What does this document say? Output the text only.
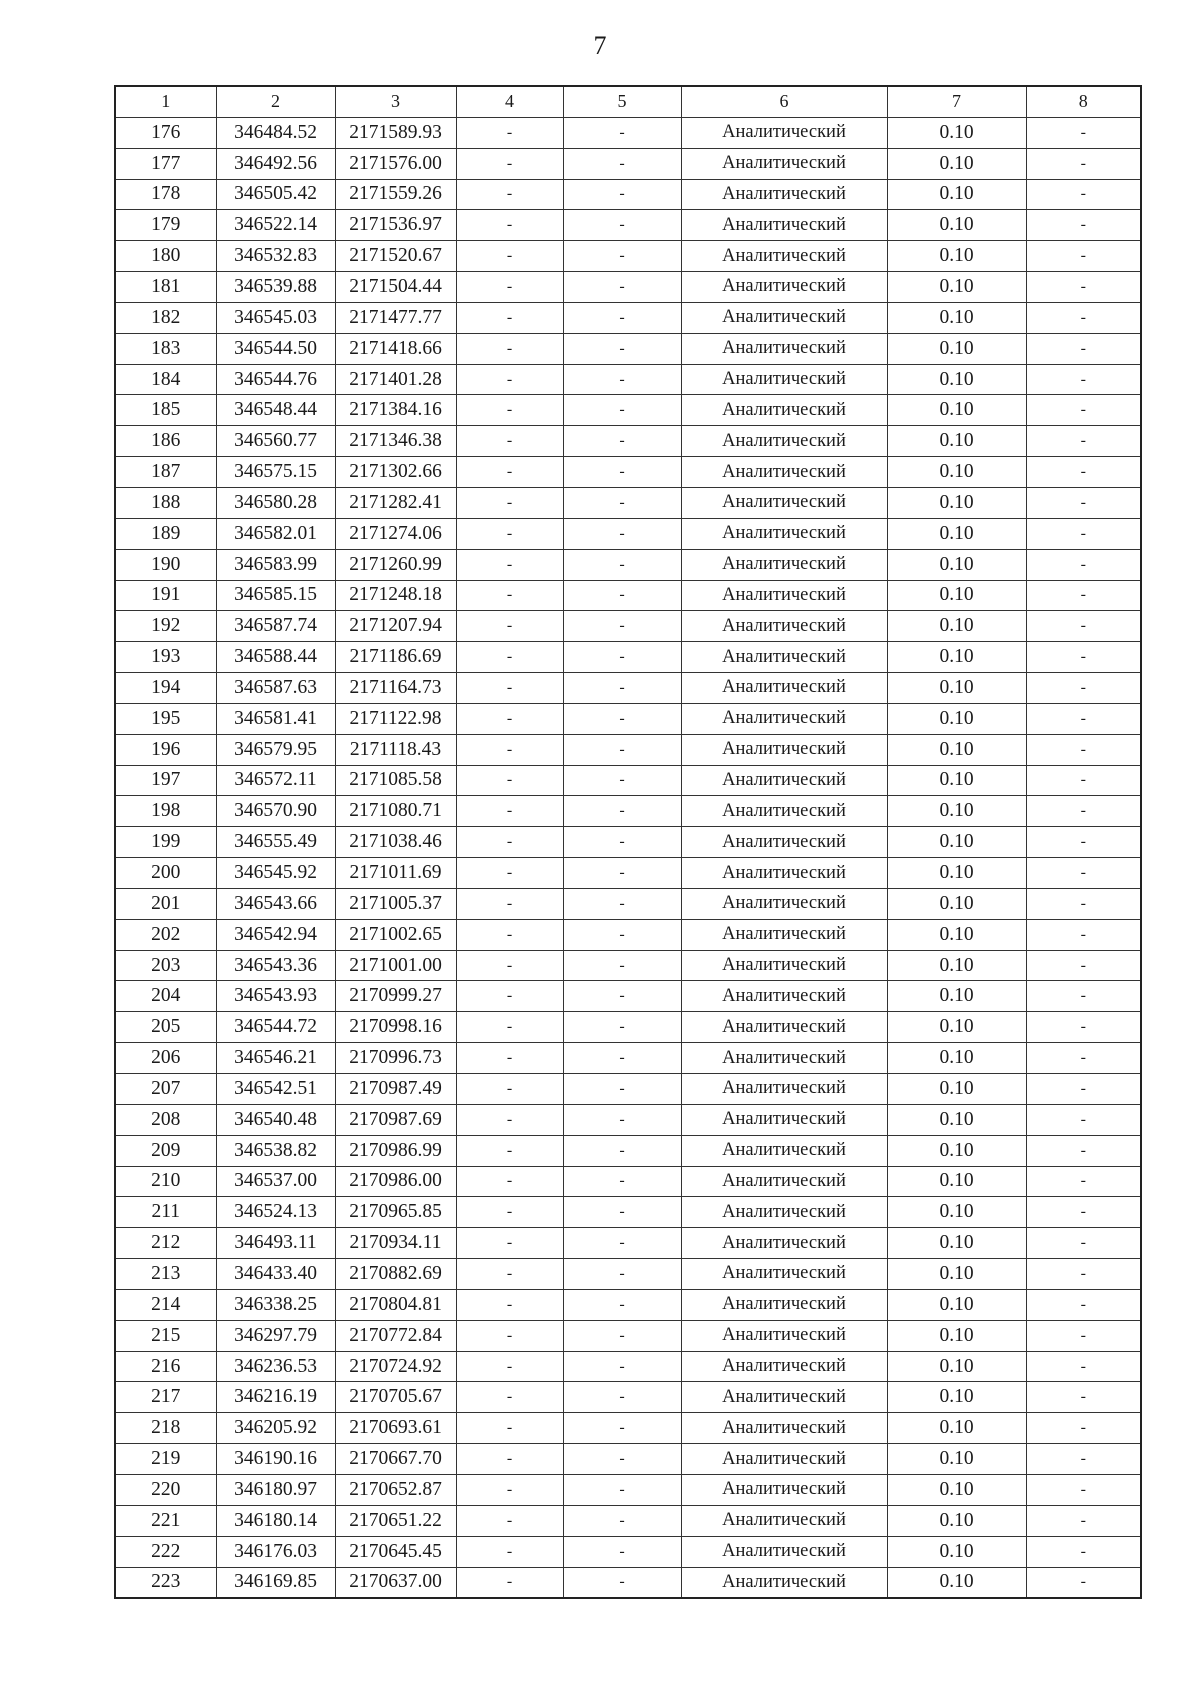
7
1	2	3	4	5	6	7	8
176	346484.52	2171589.93	-	-	Аналитический	0.10	-
177	346492.56	2171576.00	-	-	Аналитический	0.10	-
178	346505.42	2171559.26	-	-	Аналитический	0.10	-
179	346522.14	2171536.97	-	-	Аналитический	0.10	-
180	346532.83	2171520.67	-	-	Аналитический	0.10	-
181	346539.88	2171504.44	-	-	Аналитический	0.10	-
182	346545.03	2171477.77	-	-	Аналитический	0.10	-
183	346544.50	2171418.66	-	-	Аналитический	0.10	-
184	346544.76	2171401.28	-	-	Аналитический	0.10	-
185	346548.44	2171384.16	-	-	Аналитический	0.10	-
186	346560.77	2171346.38	-	-	Аналитический	0.10	-
187	346575.15	2171302.66	-	-	Аналитический	0.10	-
188	346580.28	2171282.41	-	-	Аналитический	0.10	-
189	346582.01	2171274.06	-	-	Аналитический	0.10	-
190	346583.99	2171260.99	-	-	Аналитический	0.10	-
191	346585.15	2171248.18	-	-	Аналитический	0.10	-
192	346587.74	2171207.94	-	-	Аналитический	0.10	-
193	346588.44	2171186.69	-	-	Аналитический	0.10	-
194	346587.63	2171164.73	-	-	Аналитический	0.10	-
195	346581.41	2171122.98	-	-	Аналитический	0.10	-
196	346579.95	2171118.43	-	-	Аналитический	0.10	-
197	346572.11	2171085.58	-	-	Аналитический	0.10	-
198	346570.90	2171080.71	-	-	Аналитический	0.10	-
199	346555.49	2171038.46	-	-	Аналитический	0.10	-
200	346545.92	2171011.69	-	-	Аналитический	0.10	-
201	346543.66	2171005.37	-	-	Аналитический	0.10	-
202	346542.94	2171002.65	-	-	Аналитический	0.10	-
203	346543.36	2171001.00	-	-	Аналитический	0.10	-
204	346543.93	2170999.27	-	-	Аналитический	0.10	-
205	346544.72	2170998.16	-	-	Аналитический	0.10	-
206	346546.21	2170996.73	-	-	Аналитический	0.10	-
207	346542.51	2170987.49	-	-	Аналитический	0.10	-
208	346540.48	2170987.69	-	-	Аналитический	0.10	-
209	346538.82	2170986.99	-	-	Аналитический	0.10	-
210	346537.00	2170986.00	-	-	Аналитический	0.10	-
211	346524.13	2170965.85	-	-	Аналитический	0.10	-
212	346493.11	2170934.11	-	-	Аналитический	0.10	-
213	346433.40	2170882.69	-	-	Аналитический	0.10	-
214	346338.25	2170804.81	-	-	Аналитический	0.10	-
215	346297.79	2170772.84	-	-	Аналитический	0.10	-
216	346236.53	2170724.92	-	-	Аналитический	0.10	-
217	346216.19	2170705.67	-	-	Аналитический	0.10	-
218	346205.92	2170693.61	-	-	Аналитический	0.10	-
219	346190.16	2170667.70	-	-	Аналитический	0.10	-
220	346180.97	2170652.87	-	-	Аналитический	0.10	-
221	346180.14	2170651.22	-	-	Аналитический	0.10	-
222	346176.03	2170645.45	-	-	Аналитический	0.10	-
223	346169.85	2170637.00	-	-	Аналитический	0.10	-
